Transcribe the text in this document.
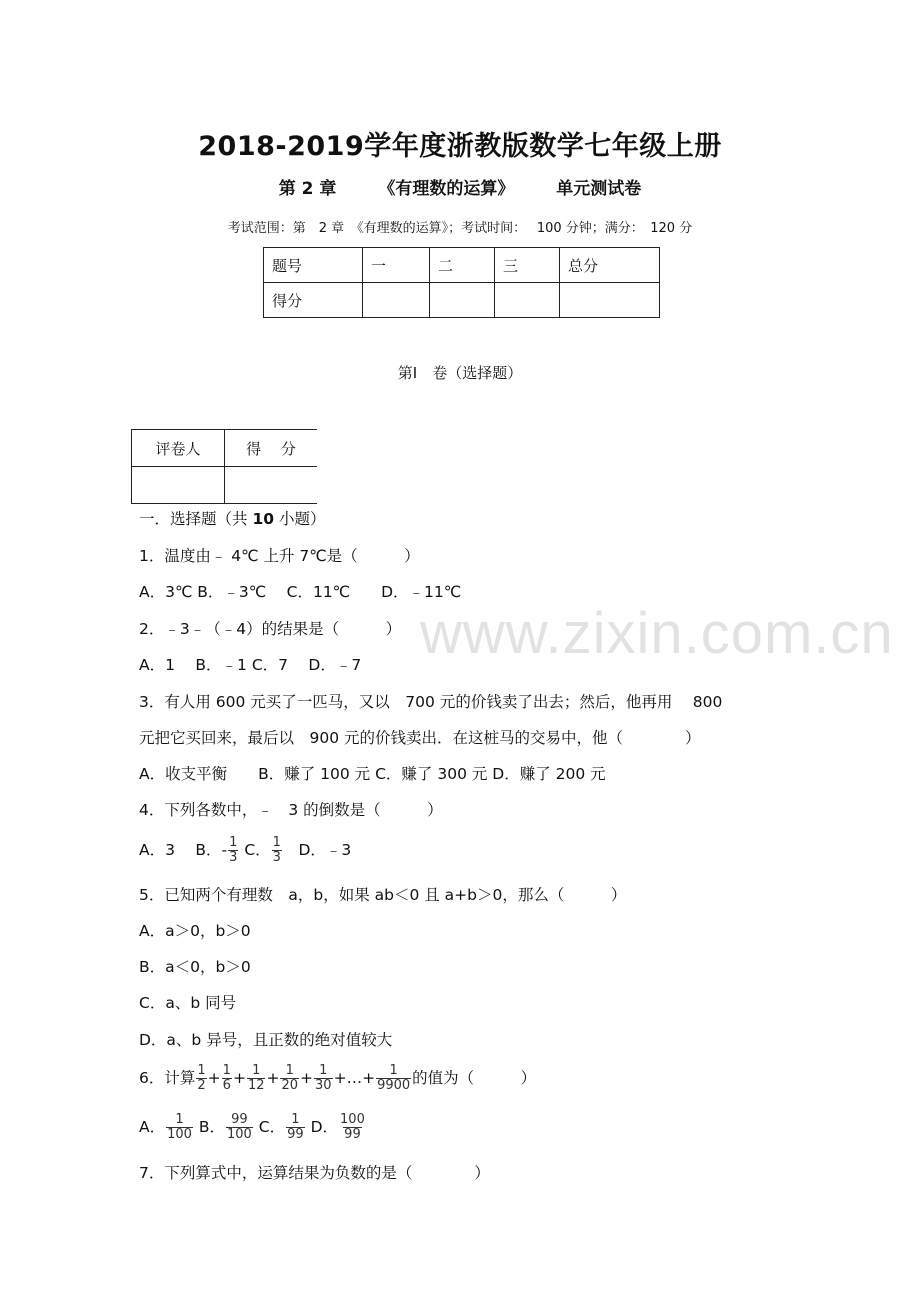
www.zixin.com.cn
2018-2019学年度浙教版数学七年级上册
第 2 章 《有理数的运算》 单元测试卷
考试范围：第　2 章　《有理数的运算》；考试时间：　 100 分钟；满分：　120 分
题号	一	二	三	总分
得分				
第Ⅰ　卷（选择题）
评卷人	得　 分

一．选择题（共 10 小题）
1．温度由﹣ 4℃ 上升 7℃是（　　　）
A．3℃ B．﹣3℃　 C．11℃　　D．﹣11℃
2．﹣3﹣（﹣4）的结果是（　　　）
A．1　 B．﹣1 C．7　 D．﹣7
3．有人用 600 元买了一匹马，又以　700 元的价钱卖了出去；然后，他再用　 800
元把它买回来，最后以　900 元的价钱卖出．在这桩马的交易中，他（　　　　）
A．收支平衡　　B．赚了 100 元 C．赚了 300 元 D．赚了 200 元
4．下列各数中，﹣　3 的倒数是（　　　）
A．3　 B．- $\frac{1}{3}$ C． $\frac{1}{3}$ 　D．﹣3
5．已知两个有理数　a，b，如果 ab＜0 且 a+b＞0，那么（　　　）
A．a＞0，b＞0
B．a＜0，b＞0
C．a、b 同号
D．a、b 异号，且正数的绝对值较大
6．计算 $\frac{1}{2} + \frac{1}{6} + \frac{1}{12} + \frac{1}{20} + \frac{1}{30}$ +…+ $\frac{1}{9900}$ 的值为（　　　）
A． $\frac{1}{100}$ B． $\frac{99}{100}$ C． $\frac{1}{99}$ D． $\frac{100}{99}$
7．下列算式中，运算结果为负数的是（　　　　）
